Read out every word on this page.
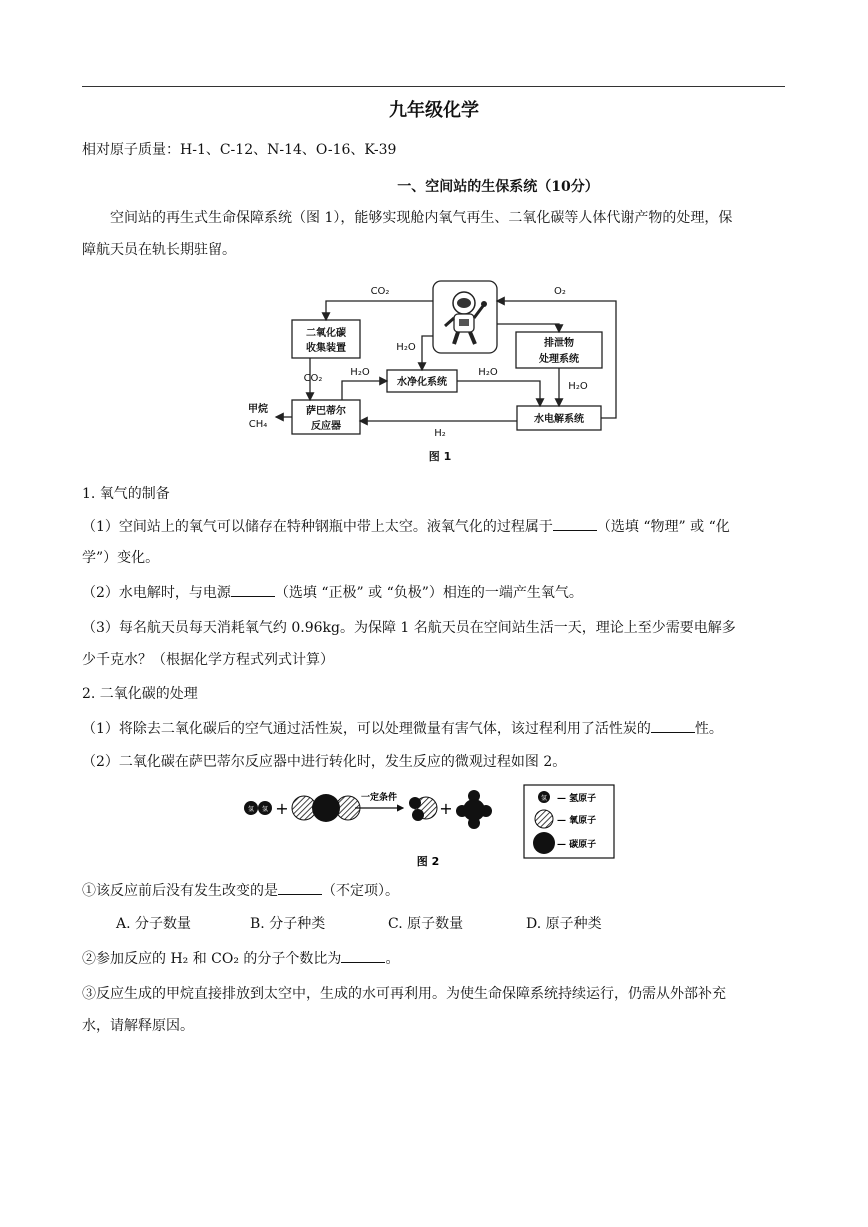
九年级化学
相对原子质量：H-1、C-12、N-14、O-16、K-39
一、空间站的生保系统（10分）
空间站的再生式生命保障系统（图 1），能够实现舱内氧气再生、二氧化碳等人体代谢产物的处理，保
障航天员在轨长期驻留。
二氧化碳
收集装置	排泄物
处理系统
水净化系统
萨巴蒂尔
反应器
水电解系统
CO₂	O₂
H₂O
CO₂
H₂O	H₂O
H₂O
H₂
甲烷
CH₄
图 1
1. 氧气的制备
（1）空间站上的氧气可以储存在特种钢瓶中带上太空。液氧气化的过程属于	（选填 “物理” 或 “化
学”）变化。
（2）水电解时，与电源	（选填 “正极” 或 “负极”）相连的一端产生氧气。
（3）每名航天员每天消耗氧气约 0.96kg。为保障 1 名航天员在空间站生活一天，理论上至少需要电解多
少千克水？（根据化学方程式列式计算）
2. 二氧化碳的处理
（1）将除去二氧化碳后的空气通过活性炭，可以处理微量有害气体，该过程利用了活性炭的	性。
（2）二氧化碳在萨巴蒂尔反应器中进行转化时，发生反应的微观过程如图 2。
氢 氢 +
一定条件
+
氢 — 氢原子
— 氧原子
— 碳原子
图 2
①该反应前后没有发生改变的是	（不定项）。
A. 分子数量	B. 分子种类	C. 原子数量	D. 原子种类
②参加反应的 H₂ 和 CO₂ 的分子个数比为	。
③反应生成的甲烷直接排放到太空中，生成的水可再利用。为使生命保障系统持续运行，仍需从外部补充
水，请解释原因。
